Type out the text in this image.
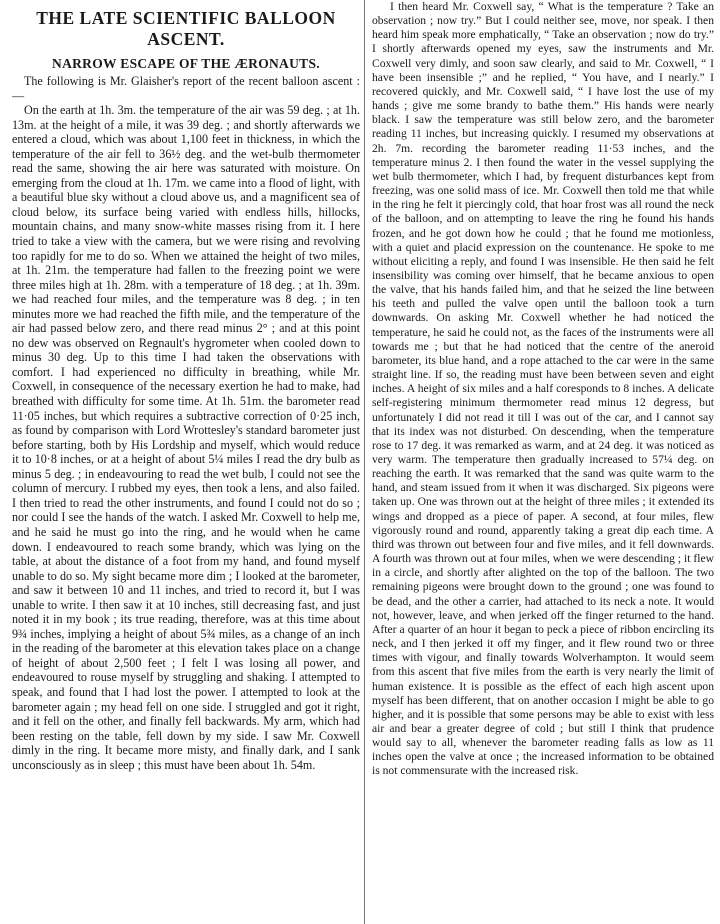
THE LATE SCIENTIFIC BALLOON
ASCENT.
NARROW ESCAPE OF THE ÆRONAUTS.

The following is Mr. Glaisher's report of the recent balloon ascent :—

On the earth at 1h. 3m. the temperature of the air was 59 deg. ; at 1h. 13m. at the height of a mile, it was 39 deg. ; and shortly afterwards we entered a cloud, which was about 1,100 feet in thickness, in which the temperature of the air fell to 36½ deg. and the wet-bulb thermometer read the same, showing the air here was saturated with moisture. On emerging from the cloud at 1h. 17m. we came into a flood of light, with a beautiful blue sky without a cloud above us, and a magnificent sea of cloud below, its surface being varied with endless hills, hillocks, mountain chains, and many snow-white masses rising from it. I here tried to take a view with the camera, but we were rising and revolving too rapidly for me to do so. When we attained the height of two miles, at 1h. 21m. the temperature had fallen to the freezing point we were three miles high at 1h. 28m. with a temperature of 18 deg. ; at 1h. 39m. we had reached four miles, and the temperature was 8 deg. ; in ten minutes more we had reached the fifth mile, and the temperature of the air had passed below zero, and there read minus 2° ; and at this point no dew was observed on Regnault's hygrometer when cooled down to minus 30 deg. Up to this time I had taken the observations with comfort. I had experienced no difficulty in breathing, while Mr. Coxwell, in consequence of the necessary exertion he had to make, had breathed with difficulty for some time. At 1h. 51m. the barometer read 11·05 inches, but which requires a subtractive correction of 0·25 inch, as found by comparison with Lord Wrottesley's standard barometer just before starting, both by His Lordship and myself, which would reduce it to 10·8 inches, or at a height of about 5¼ miles I read the dry bulb as minus 5 deg. ; in endeavouring to read the wet bulb, I could not see the column of mercury. I rubbed my eyes, then took a lens, and also failed. I then tried to read the other instruments, and found I could not do so ; nor could I see the hands of the watch. I asked Mr. Coxwell to help me, and he said he must go into the ring, and he would when he came down. I endeavoured to reach some brandy, which was lying on the table, at about the distance of a foot from my hand, and found myself unable to do so. My sight became more dim ; I looked at the barometer, and saw it between 10 and 11 inches, and tried to record it, but I was unable to write. I then saw it at 10 inches, still decreasing fast, and just noted it in my book ; its true reading, therefore, was at this time about 9¾ inches, implying a height of about 5¾ miles, as a change of an inch in the reading of the barometer at this elevation takes place on a change of height of about 2,500 feet ; I felt I was losing all power, and endeavoured to rouse myself by struggling and shaking. I attempted to speak, and found that I had lost the power. I attempted to look at the barometer again ; my head fell on one side. I struggled and got it right, and it fell on the other, and finally fell backwards. My arm, which had been resting on the table, fell down by my side. I saw Mr. Coxwell dimly in the ring. It became more misty, and finally dark, and I sank unconsciously as in sleep ; this must have been about 1h. 54m.

I then heard Mr. Coxwell say, “ What is the temperature ? Take an observation ; now try.” But I could neither see, move, nor speak. I then heard him speak more emphatically, “ Take an observation ; now do try.” I shortly afterwards opened my eyes, saw the instruments and Mr. Coxwell very dimly, and soon saw clearly, and said to Mr. Coxwell, “ I have been insensible ;” and he replied, “ You have, and I nearly.” I recovered quickly, and Mr. Coxwell said, “ I have lost the use of my hands ; give me some brandy to bathe them.” His hands were nearly black. I saw the temperature was still below zero, and the barometer reading 11 inches, but increasing quickly. I resumed my observations at 2h. 7m. recording the barometer reading 11·53 inches, and the temperature minus 2. I then found the water in the vessel supplying the wet bulb thermometer, which I had, by frequent disturbances kept from freezing, was one solid mass of ice. Mr. Coxwell then told me that while in the ring he felt it piercingly cold, that hoar frost was all round the neck of the balloon, and on attempting to leave the ring he found his hands frozen, and he got down how he could ; that he found me motionless, with a quiet and placid expression on the countenance. He spoke to me without eliciting a reply, and found I was insensible. He then said he felt insensibility was coming over himself, that he became anxious to open the valve, that his hands failed him, and that he seized the line between his teeth and pulled the valve open until the balloon took a turn downwards. On asking Mr. Coxwell whether he had noticed the temperature, he said he could not, as the faces of the instruments were all towards me ; but that he had noticed that the centre of the aneroid barometer, its blue hand, and a rope attached to the car were in the same straight line. If so, the reading must have been between seven and eight inches. A height of six miles and a half coresponds to 8 inches. A delicate self-registering minimum thermometer read minus 12 degress, but unfortunately I did not read it till I was out of the car, and I cannot say that its index was not disturbed. On descending, when the temperature rose to 17 deg. it was remarked as warm, and at 24 deg. it was noticed as very warm. The temperature then gradually increased to 57¼ deg. on reaching the earth. It was remarked that the sand was quite warm to the hand, and steam issued from it when it was discharged. Six pigeons were taken up. One was thrown out at the height of three miles ; it extended its wings and dropped as a piece of paper. A second, at four miles, flew vigorously round and round, apparently taking a great dip each time. A third was thrown out between four and five miles, and it fell downwards. A fourth was thrown out at four miles, when we were descending ; it flew in a circle, and shortly after alighted on the top of the balloon. The two remaining pigeons were brought down to the ground ; one was found to be dead, and the other a carrier, had attached to its neck a note. It would not, however, leave, and when jerked off the finger returned to the hand. After a quarter of an hour it began to peck a piece of ribbon encircling its neck, and I then jerked it off my finger, and it flew round two or three times with vigour, and finally towards Wolverhampton. It would seem from this ascent that five miles from the earth is very nearly the limit of human existence. It is possible as the effect of each high ascent upon myself has been different, that on another occasion I might be able to go higher, and it is possible that some persons may be able to exist with less air and bear a greater degree of cold ; but still I think that prudence would say to all, whenever the barometer reading falls as low as 11 inches open the valve at once ; the increased information to be obtained is not commensurate with the increased risk.
